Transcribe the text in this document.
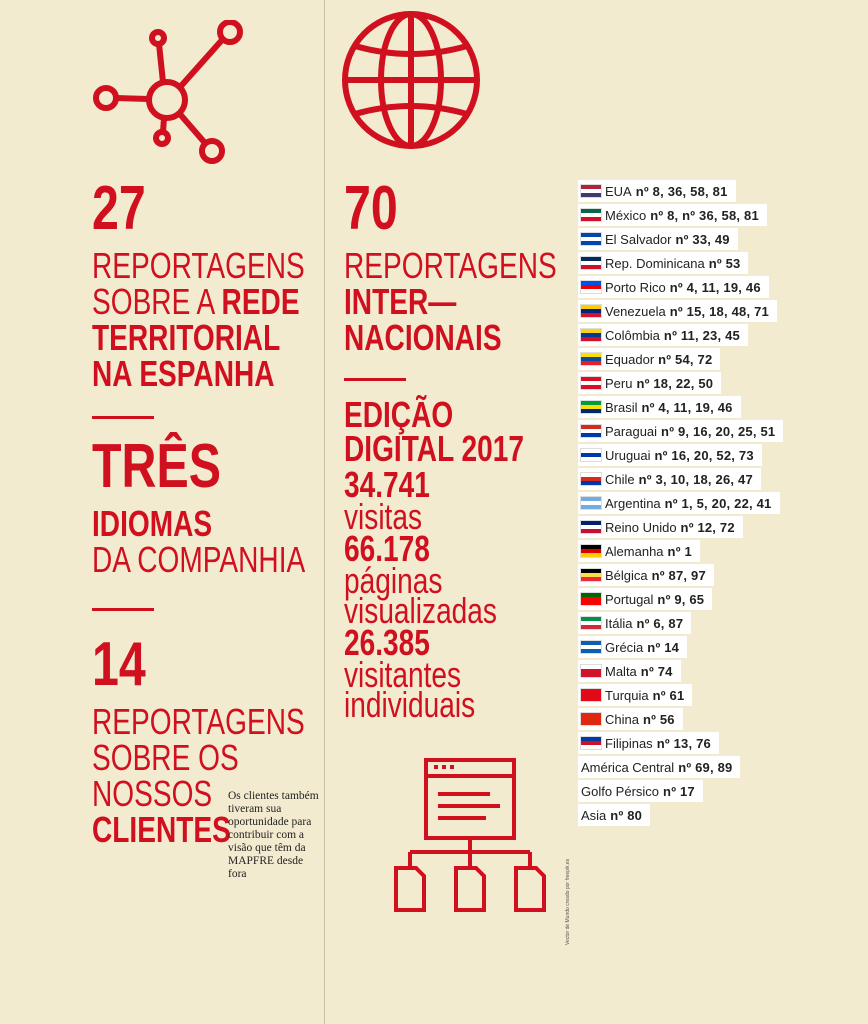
27
REPORTAGENS
SOBRE A REDE
TERRITORIAL
NA ESPANHA
TRÊS
IDIOMAS
DA COMPANHIA
14
REPORTAGENS
SOBRE OS
NOSSOS
CLIENTES
Os clientes também tiveram sua oportunidade para contribuir com a visão que têm da MAPFRE desde fora
70
REPORTAGENS
INTER—
NACIONAIS
EDIÇÃO
DIGITAL 2017
34.741
visitas
66.178
páginas
visualizadas
26.385
visitantes
individuais
EUA nº 8, 36, 58, 81
México nº 8, nº 36, 58, 81
El Salvador nº 33, 49
Rep. Dominicana nº 53
Porto Rico nº 4, 11, 19, 46
Venezuela nº 15, 18, 48, 71
Colômbia nº 11, 23, 45
Equador nº 54, 72
Peru nº 18, 22, 50
Brasil nº 4, 11, 19, 46
Paraguai nº 9, 16, 20, 25, 51
Uruguai nº 16, 20, 52, 73
Chile nº 3, 10, 18, 26, 47
Argentina nº 1, 5, 20, 22, 41
Reino Unido nº 12, 72
Alemanha nº 1
Bélgica nº 87, 97
Portugal nº 9, 65
Itália nº 6, 87
Grécia nº 14
Malta nº 74
Turquia nº 61
China nº 56
Filipinas nº 13, 76
América Central nº 69, 89
Golfo Pérsico nº 17
Asia nº 80
Vector de Mundo creado por freepik.es
